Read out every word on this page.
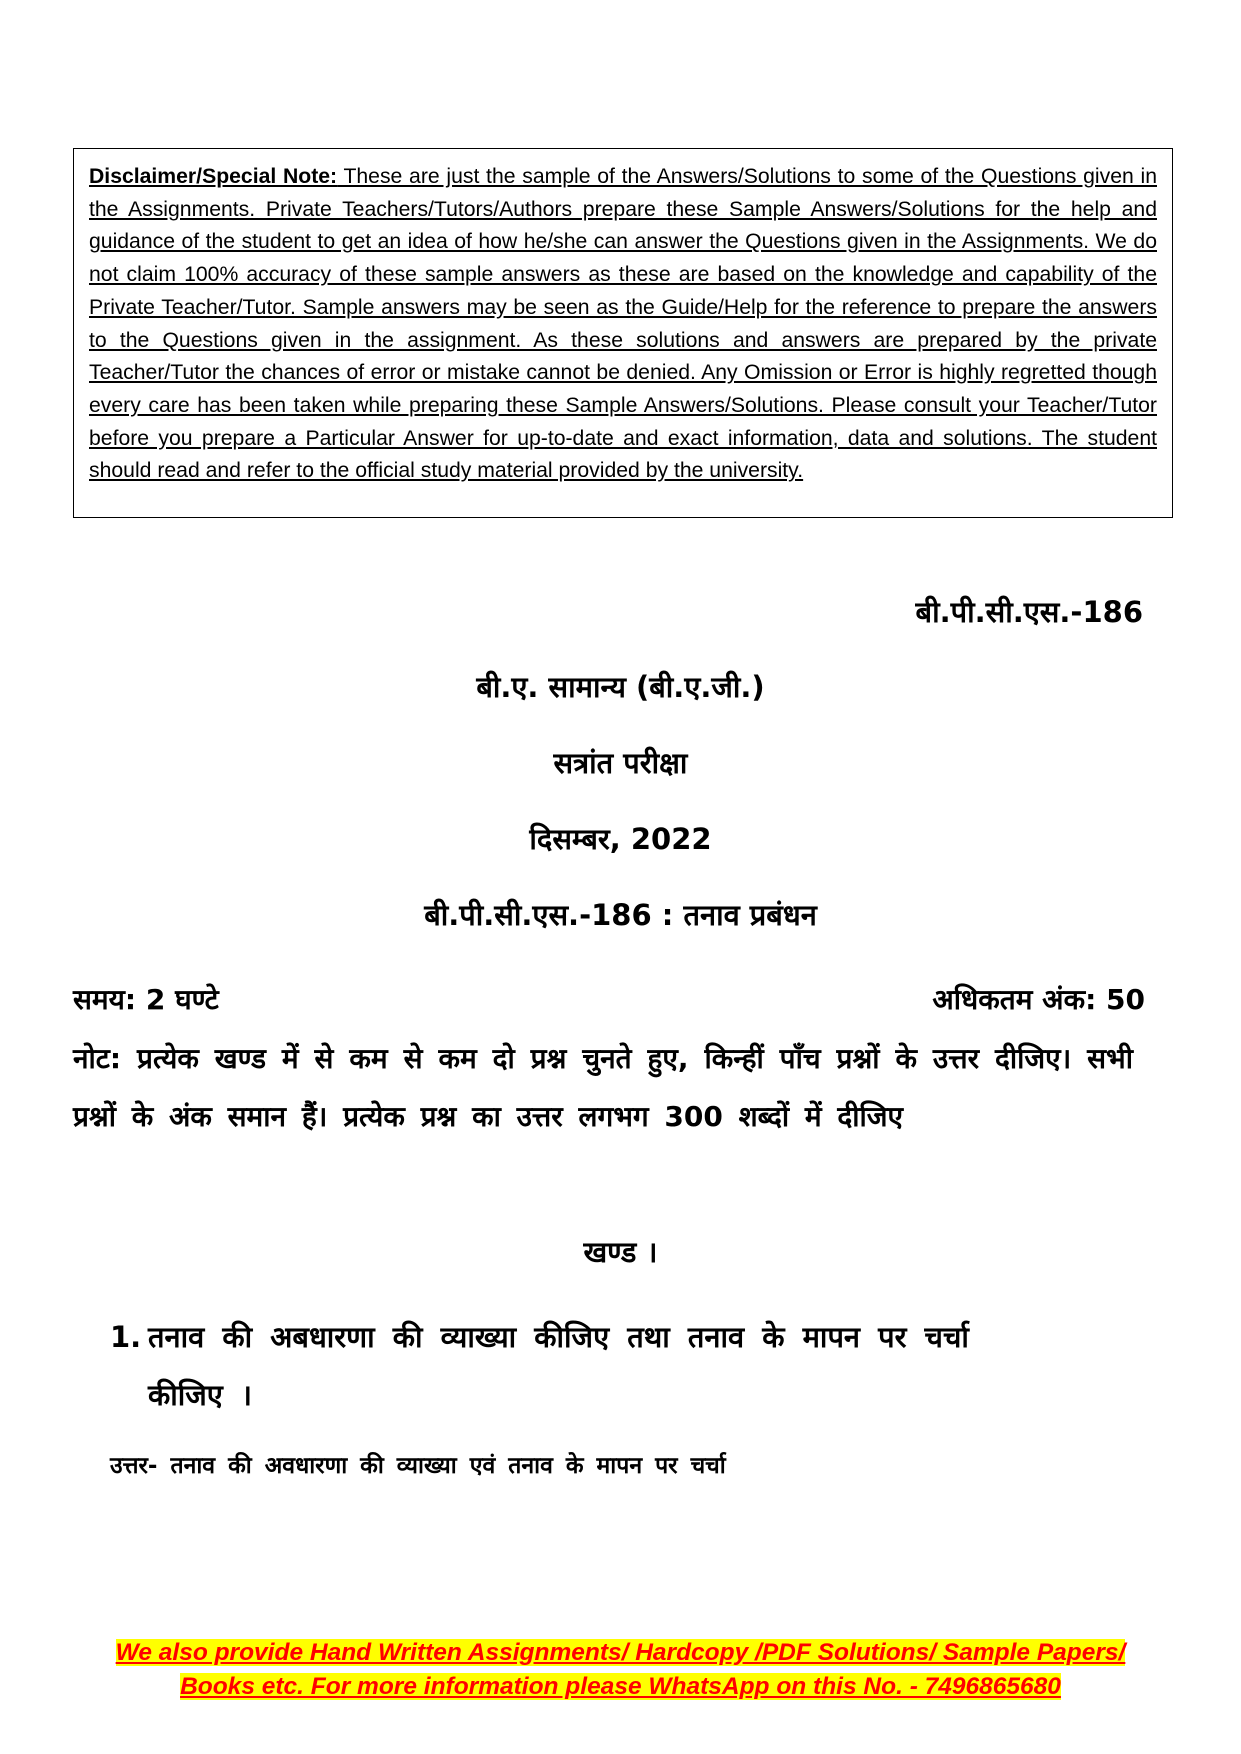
Disclaimer/Special Note: These are just the sample of the Answers/Solutions to some of the Questions given in the Assignments. Private Teachers/Tutors/Authors prepare these Sample Answers/Solutions for the help and guidance of the student to get an idea of how he/she can answer the Questions given in the Assignments. We do not claim 100% accuracy of these sample answers as these are based on the knowledge and capability of the Private Teacher/Tutor. Sample answers may be seen as the Guide/Help for the reference to prepare the answers to the Questions given in the assignment. As these solutions and answers are prepared by the private Teacher/Tutor the chances of error or mistake cannot be denied. Any Omission or Error is highly regretted though every care has been taken while preparing these Sample Answers/Solutions. Please consult your Teacher/Tutor before you prepare a Particular Answer for up-to-date and exact information, data and solutions. The student should read and refer to the official study material provided by the university.
बी.पी.सी.एस.-186
बी.ए. सामान्य (बी.ए.जी.)
सत्रांत परीक्षा
दिसम्बर, 2022
बी.पी.सी.एस.-186 : तनाव प्रबंधन
समय: 2 घण्टे	अधिकतम अंक: 50
नोट: प्रत्येक खण्ड में से कम से कम दो प्रश्न चुनते हुए, किन्हीं पाँच प्रश्नों के उत्तर दीजिए। सभी प्रश्नों के अंक समान हैं। प्रत्येक प्रश्न का उत्तर लगभग 300 शब्दों में दीजिए
खण्ड ।
1. तनाव की अबधारणा की व्याख्या कीजिए तथा तनाव के मापन पर चर्चा
कीजिए ।
उत्तर- तनाव की अवधारणा की व्याख्या एवं तनाव के मापन पर चर्चा
We also provide Hand Written Assignments/ Hardcopy /PDF Solutions/ Sample Papers/
Books etc. For more information please WhatsApp on this No. - 7496865680
